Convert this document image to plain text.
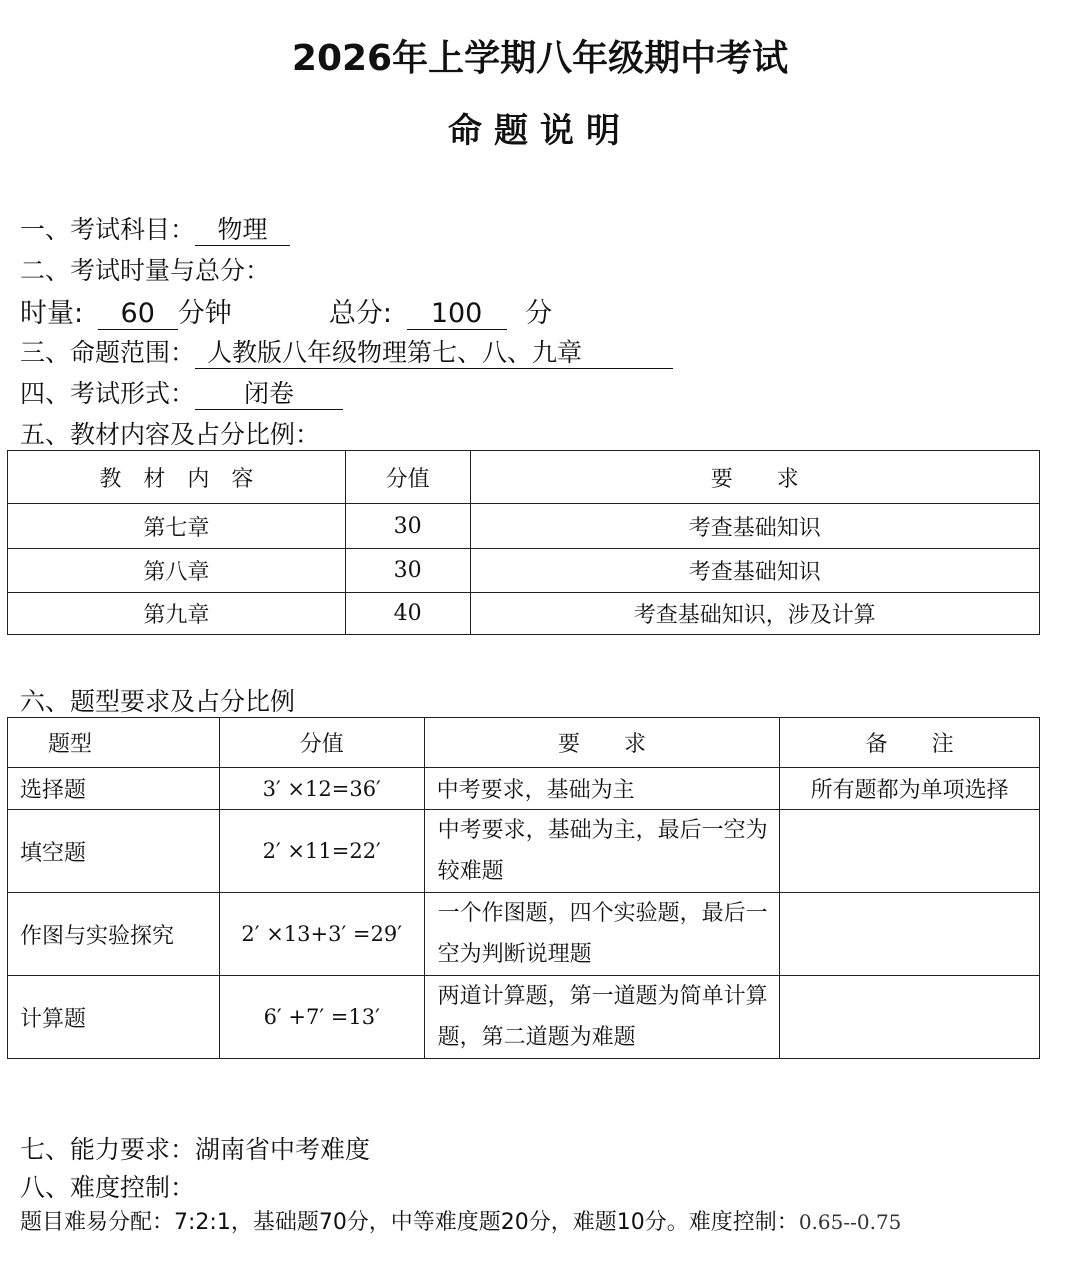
2026年上学期八年级期中考试
命题说明
一、考试科目： 物理
二、考试时量与总分：
时量: 60 分钟	总分: 100 分
三、命题范围： 人教版八年级物理第七、八、九章
四、考试形式： 闭卷
五、教材内容及占分比例：
教　材　内　容	分值	要　　求
第七章	30	考查基础知识
第八章	30	考查基础知识
第九章	40	考查基础知识，涉及计算
六、题型要求及占分比例
题型	分值	要　　求	备　　注
选择题	3′ ×12=36′	中考要求，基础为主	所有题都为单项选择
填空题	2′ ×11=22′	中考要求，基础为主，最后一空为较难题	
作图与实验探究	2′ ×13+3′ =29′	一个作图题，四个实验题，最后一空为判断说理题	
计算题	6′ +7′ =13′	两道计算题，第一道题为简单计算题，第二道题为难题	
七、能力要求：湖南省中考难度
八、难度控制：
题目难易分配：7:2:1，基础题70分，中等难度题20分，难题10分。难度控制：0.65--0.75
